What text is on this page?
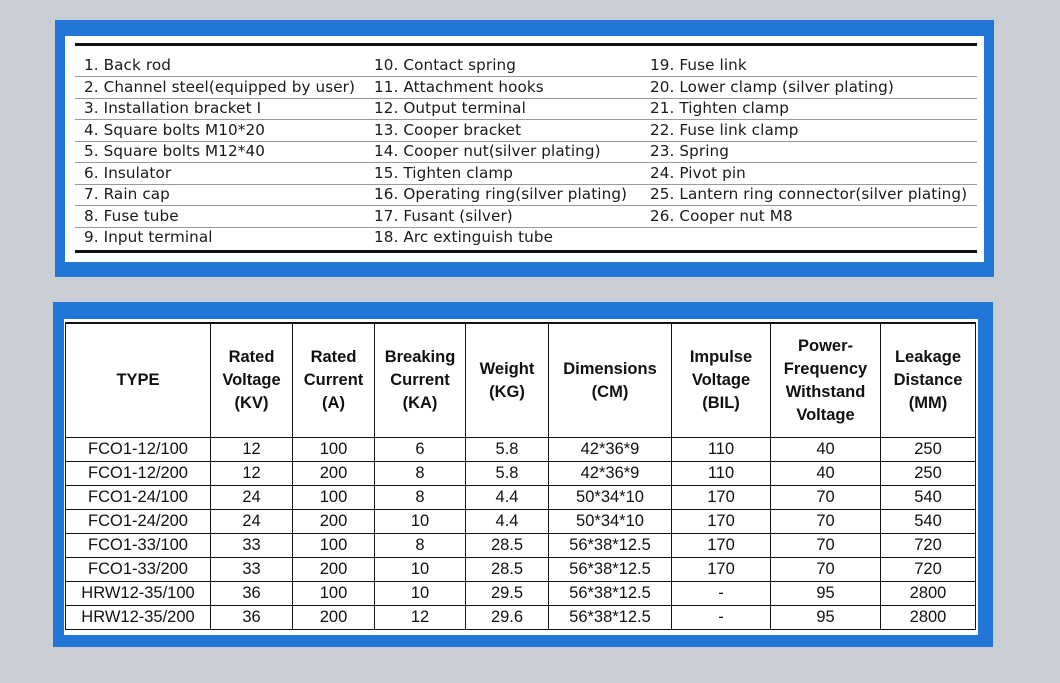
1. Back rod
2. Channel steel(equipped by user)
3. Installation bracket I
4. Square bolts M10*20
5. Square bolts M12*40
6. Insulator
7. Rain cap
8. Fuse tube
9. Input terminal
10. Contact spring
11. Attachment hooks
12. Output terminal
13. Cooper bracket
14. Cooper nut(silver plating)
15. Tighten clamp
16. Operating ring(silver plating)
17. Fusant (silver)
18. Arc extinguish tube
19. Fuse link
20. Lower clamp (silver plating)
21. Tighten clamp
22. Fuse link clamp
23. Spring
24. Pivot pin
25. Lantern ring connector(silver plating)
26. Cooper nut M8
TYPE	Rated Voltage (KV)	Rated Current (A)	Breaking Current (KA)	Weight (KG)	Dimensions (CM)	Impulse Voltage (BIL)	Power-Frequency Withstand Voltage	Leakage Distance (MM)
FCO1-12/100	12	100	6	5.8	42*36*9	110	40	250
FCO1-12/200	12	200	8	5.8	42*36*9	110	40	250
FCO1-24/100	24	100	8	4.4	50*34*10	170	70	540
FCO1-24/200	24	200	10	4.4	50*34*10	170	70	540
FCO1-33/100	33	100	8	28.5	56*38*12.5	170	70	720
FCO1-33/200	33	200	10	28.5	56*38*12.5	170	70	720
HRW12-35/100	36	100	10	29.5	56*38*12.5	-	95	2800
HRW12-35/200	36	200	12	29.6	56*38*12.5	-	95	2800
